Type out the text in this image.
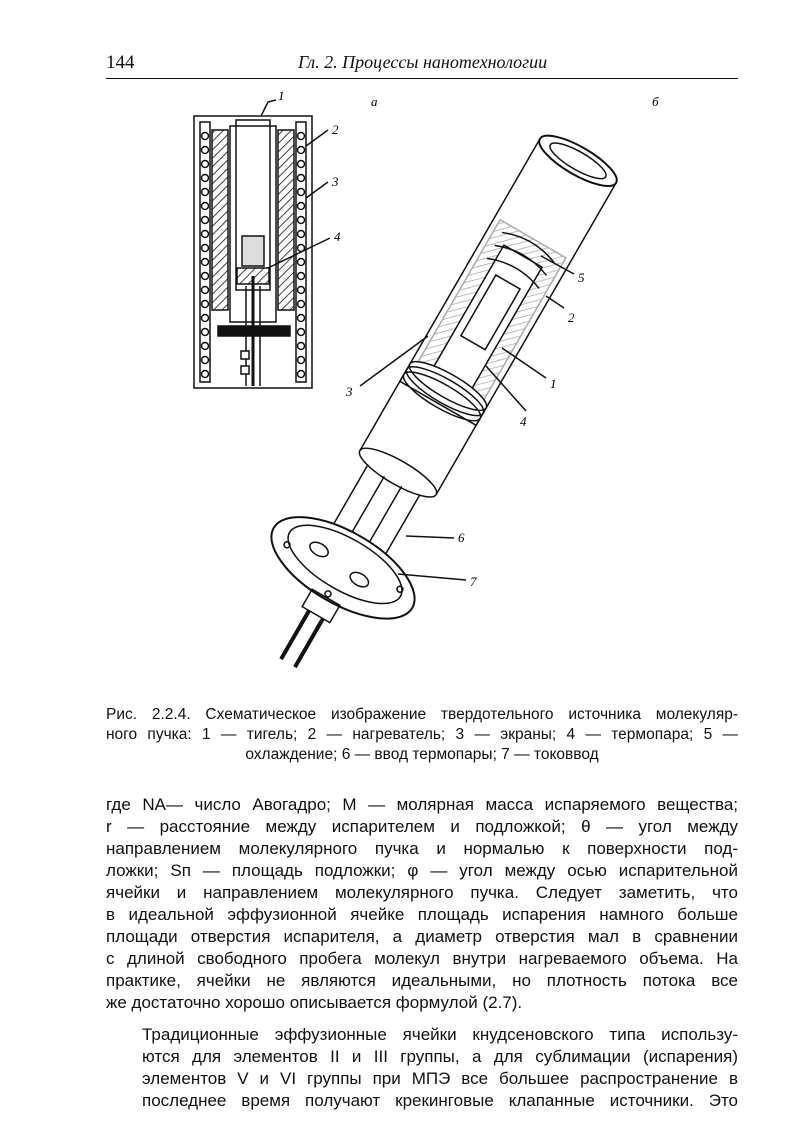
144	Гл. 2. Процессы нанотехнологии
1
2
3
4
а
5
2
1
3
4
6
7
б
Рис. 2.2.4. Схематическое изображение твердотельного источника молекуляр-
ного пучка: 1 — тигель; 2 — нагреватель; 3 — экраны; 4 — термопара; 5 —
охлаждение; 6 — ввод термопары; 7 — токоввод

где NA— число Авогадро; M — молярная масса испаряемого вещества;
r — расстояние между испарителем и подложкой; θ — угол между
направлением молекулярного пучка и нормалью к поверхности под-
ложки; Sп — площадь подложки; φ — угол между осью испарительной
ячейки и направлением молекулярного пучка. Следует заметить, что
в идеальной эффузионной ячейке площадь испарения намного больше
площади отверстия испарителя, а диаметр отверстия мал в сравнении
с длиной свободного пробега молекул внутри нагреваемого объема. На
практике, ячейки не являются идеальными, но плотность потока все
же достаточно хорошо описывается формулой (2.7).

Традиционные эффузионные ячейки кнудсеновского типа использу-
ются для элементов II и III группы, а для сублимации (испарения)
элементов V и VI группы при МПЭ все большее распространение в
последнее время получают крекинговые клапанные источники. Это
